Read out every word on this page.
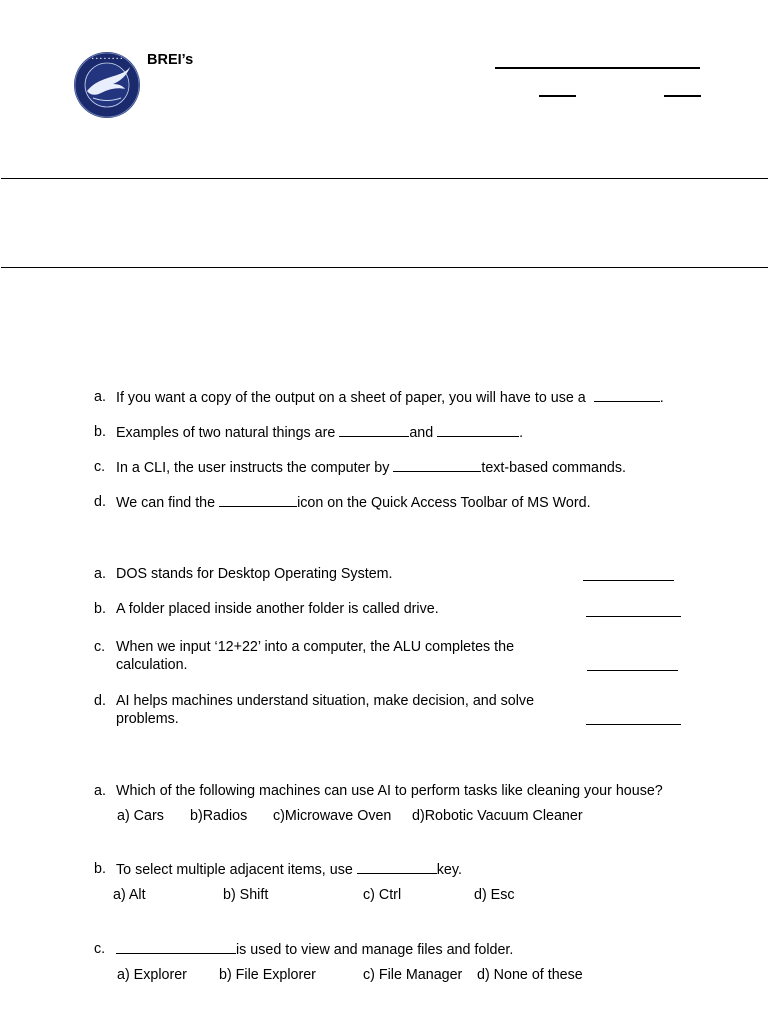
• • • • • • • • BREI’s
a. If you want a copy of the output on a sheet of paper, you will have to use a	.
b. Examples of two natural things are	and	.
c. In a CLI, the user instructs the computer by	text-based commands.
d. We can find the	icon on the Quick Access Toolbar of MS Word.
a. DOS stands for Desktop Operating System.
b. A folder placed inside another folder is called drive.
c. When we input ‘12+22’ into a computer, the ALU completes the
calculation.
d. AI helps machines understand situation, make decision, and solve
problems.
a. Which of the following machines can use AI to perform tasks like cleaning your house?
a) Cars b)Radios c)Microwave Oven d)Robotic Vacuum Cleaner
b. To select multiple adjacent items, use	key.
a) Alt	b) Shift	c) Ctrl	d) Esc
c.	is used to view and manage files and folder.
a) Explorer b) File Explorer	c) File Manager d) None of these
